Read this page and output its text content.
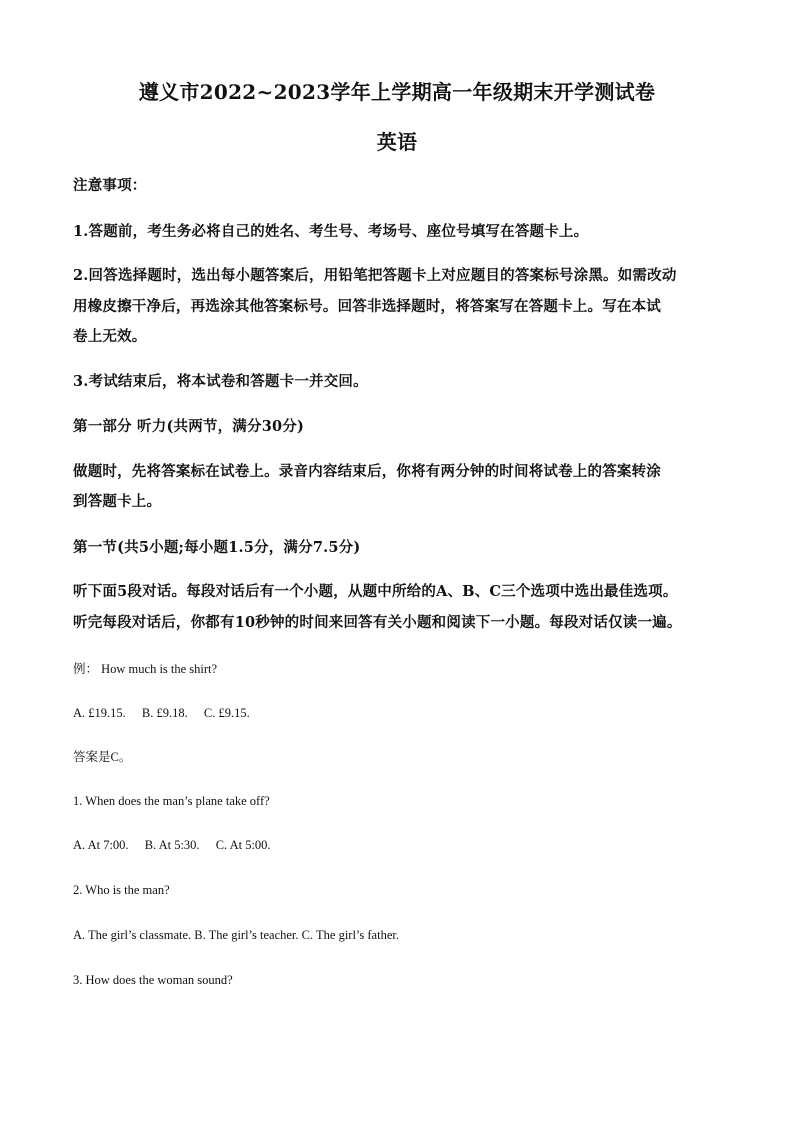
遵义市2022~2023学年上学期高一年级期末开学测试卷
英语
注意事项：
1.答题前，考生务必将自己的姓名、考生号、考场号、座位号填写在答题卡上。
2.回答选择题时，选出每小题答案后，用铅笔把答题卡上对应题目的答案标号涂黑。如需改动
用橡皮擦干净后，再选涂其他答案标号。回答非选择题时，将答案写在答题卡上。写在本试
卷上无效。
3.考试结束后，将本试卷和答题卡一并交回。
第一部分 听力(共两节，满分30分)
做题时，先将答案标在试卷上。录音内容结束后，你将有两分钟的时间将试卷上的答案转涂
到答题卡上。
第一节(共5小题;每小题1.5分，满分7.5分)
听下面5段对话。每段对话后有一个小题，从题中所给的A、B、C三个选项中选出最佳选项。
听完每段对话后，你都有10秒钟的时间来回答有关小题和阅读下一小题。每段对话仅读一遍。
例： How much is the shirt?
A. £19.15. B. £9.18. C. £9.15.
答案是C。
1. When does the man’s plane take off?
A. At 7:00. B. At 5:30. C. At 5:00.
2. Who is the man?
A. The girl’s classmate. B. The girl’s teacher. C. The girl’s father.
3. How does the woman sound?
